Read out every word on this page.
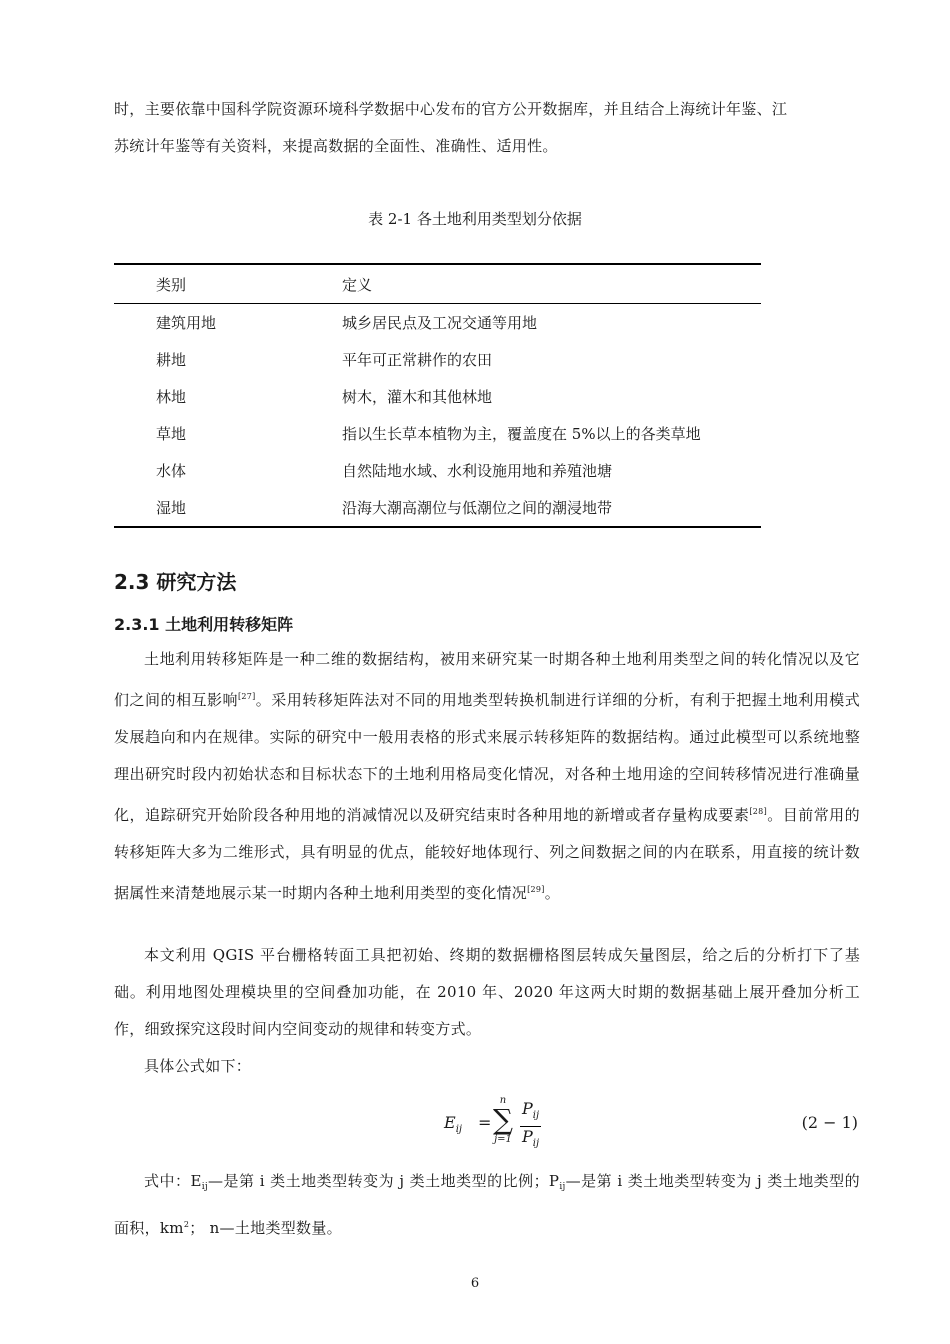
时，主要依靠中国科学院资源环境科学数据中心发布的官方公开数据库，并且结合上海统计年鉴、江
苏统计年鉴等有关资料，来提高数据的全面性、准确性、适用性。
表 2-1 各土地利用类型划分依据
类别	定义
建筑用地	城乡居民点及工况交通等用地
耕地	平年可正常耕作的农田
林地	树木，灌木和其他林地
草地	指以生长草本植物为主，覆盖度在 5%以上的各类草地
水体	自然陆地水域、水利设施用地和养殖池塘
湿地	沿海大潮高潮位与低潮位之间的潮浸地带
2.3 研究方法
2.3.1 土地利用转移矩阵
土地利用转移矩阵是一种二维的数据结构，被用来研究某一时期各种土地利用类型之间的转化情况以及它们之间的相互影响[27]。采用转移矩阵法对不同的用地类型转换机制进行详细的分析，有利于把握土地利用模式发展趋向和内在规律。实际的研究中一般用表格的形式来展示转移矩阵的数据结构。通过此模型可以系统地整理出研究时段内初始状态和目标状态下的土地利用格局变化情况，对各种土地用途的空间转移情况进行准确量化，追踪研究开始阶段各种用地的消减情况以及研究结束时各种用地的新增或者存量构成要素[28]。目前常用的转移矩阵大多为二维形式，具有明显的优点，能较好地体现行、列之间数据之间的内在联系，用直接的统计数据属性来清楚地展示某一时期内各种土地利用类型的变化情况[29]。
本文利用 QGIS 平台栅格转面工具把初始、终期的数据栅格图层转成矢量图层，给之后的分析打下了基础。利用地图处理模块里的空间叠加功能，在 2010 年、2020 年这两大时期的数据基础上展开叠加分析工作，细致探究这段时间内空间变动的规律和转变方式。
具体公式如下：
$E_{ij}$ =
n
∑
j=1
$P_{ij}$
$P_{ij}$
(2 − 1)
式中：$E_{ij}—$是第 i 类土地类型转变为 j 类土地类型的比例；$P_{ij}—$是第 i 类土地类型转变为 j 类土地类型的面积，km$^2$； n—土地类型数量。
6
